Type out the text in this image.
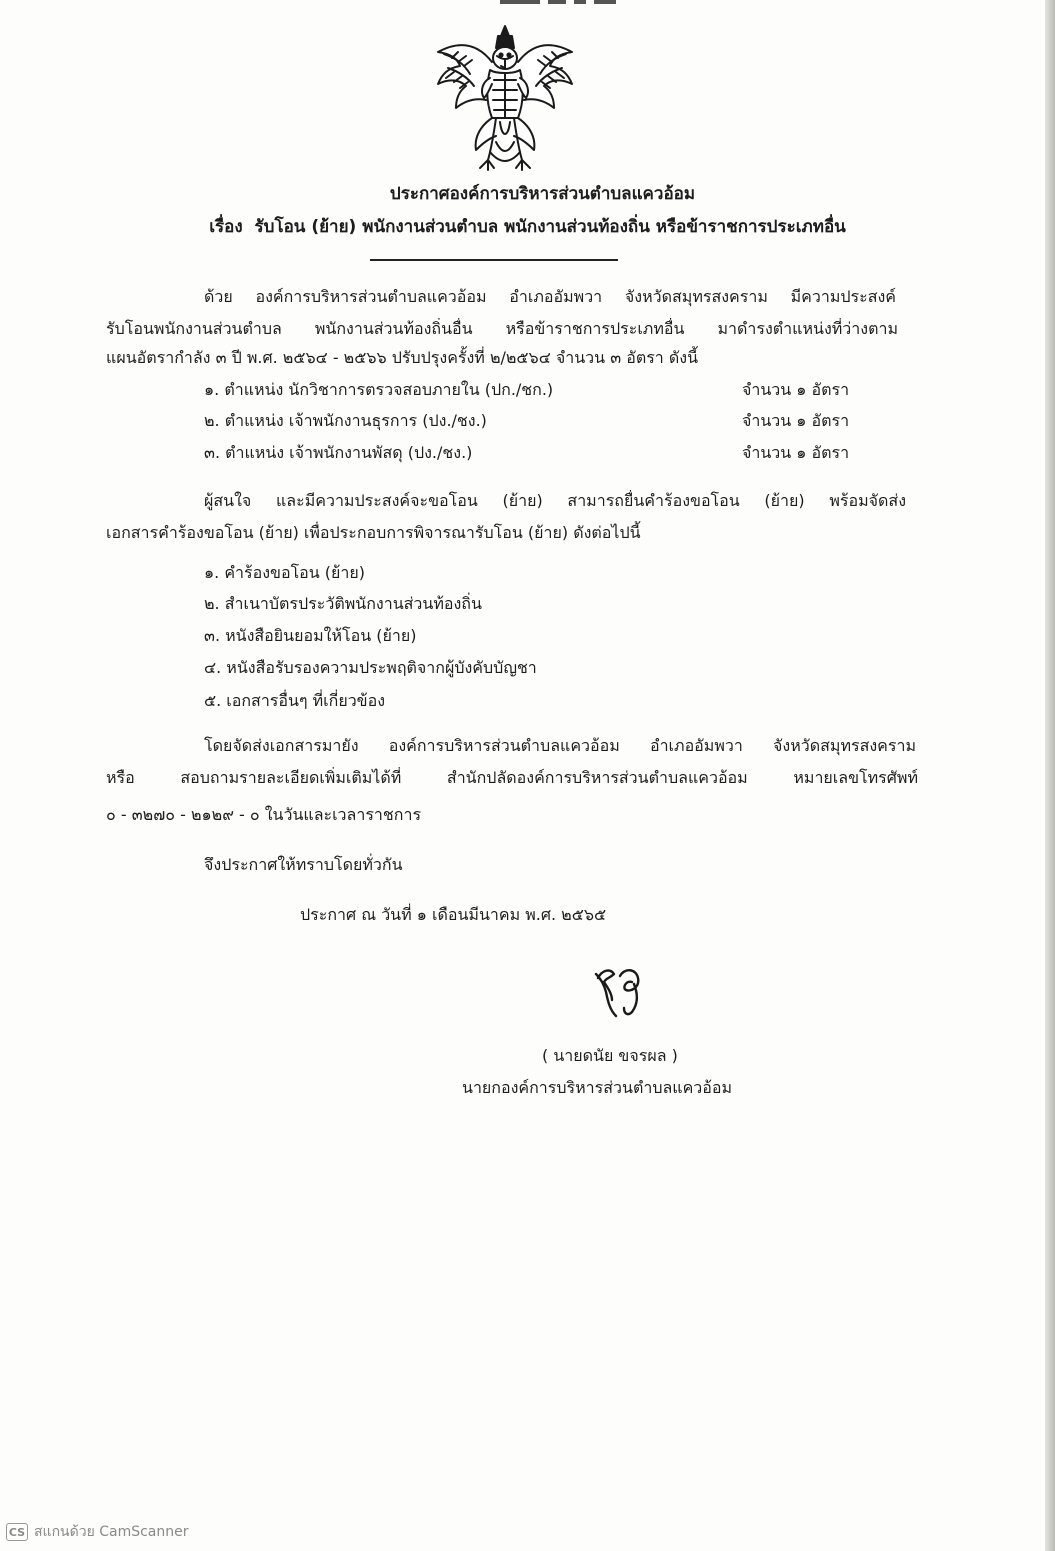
ประกาศองค์การบริหารส่วนตำบลแควอ้อม
เรื่อง รับโอน (ย้าย) พนักงานส่วนตำบล พนักงานส่วนท้องถิ่น หรือข้าราชการประเภทอื่น
ด้วย องค์การบริหารส่วนตำบลแควอ้อม อำเภออัมพวา จังหวัดสมุทรสงคราม มีความประสงค์
รับโอนพนักงานส่วนตำบล พนักงานส่วนท้องถิ่นอื่น หรือข้าราชการประเภทอื่น มาดำรงตำแหน่งที่ว่างตาม
แผนอัตรากำลัง ๓ ปี พ.ศ. ๒๕๖๔ - ๒๕๖๖ ปรับปรุงครั้งที่ ๒/๒๕๖๔ จำนวน ๓ อัตรา ดังนี้
๑. ตำแหน่ง นักวิชาการตรวจสอบภายใน (ปก./ชก.)	จำนวน ๑ อัตรา
๒. ตำแหน่ง เจ้าพนักงานธุรการ (ปง./ชง.)	จำนวน ๑ อัตรา
๓. ตำแหน่ง เจ้าพนักงานพัสดุ (ปง./ชง.)	จำนวน ๑ อัตรา
ผู้สนใจ และมีความประสงค์จะขอโอน (ย้าย) สามารถยื่นคำร้องขอโอน (ย้าย) พร้อมจัดส่ง
เอกสารคำร้องขอโอน (ย้าย) เพื่อประกอบการพิจารณารับโอน (ย้าย) ดังต่อไปนี้
๑. คำร้องขอโอน (ย้าย)
๒. สำเนาบัตรประวัติพนักงานส่วนท้องถิ่น
๓. หนังสือยินยอมให้โอน (ย้าย)
๔. หนังสือรับรองความประพฤติจากผู้บังคับบัญชา
๕. เอกสารอื่นๆ ที่เกี่ยวข้อง
โดยจัดส่งเอกสารมายัง องค์การบริหารส่วนตำบลแควอ้อม อำเภออัมพวา จังหวัดสมุทรสงคราม
หรือ สอบถามรายละเอียดเพิ่มเติมได้ที่ สำนักปลัดองค์การบริหารส่วนตำบลแควอ้อม หมายเลขโทรศัพท์
๐ - ๓๒๗๐ - ๒๑๒๙ - ๐ ในวันและเวลาราชการ
จึงประกาศให้ทราบโดยทั่วกัน
ประกาศ ณ วันที่ ๑ เดือนมีนาคม พ.ศ. ๒๕๖๕
( นายดนัย ขจรผล )
นายกองค์การบริหารส่วนตำบลแควอ้อม
CS สแกนด้วย CamScanner
